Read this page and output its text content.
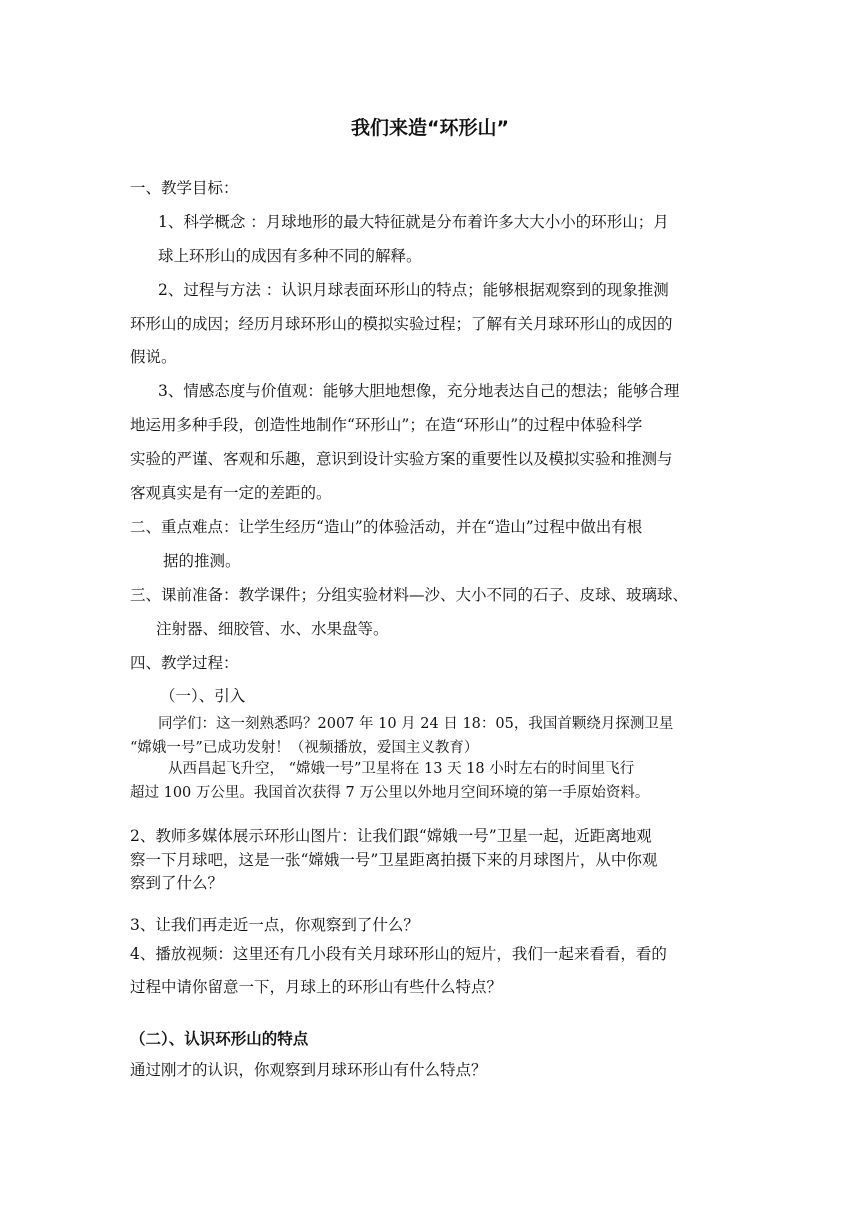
我们来造“环形山”

一、教学目标：

1、科学概念 ：月球地形的最大特征就是分布着许多大大小小的环形山；月

球上环形山的成因有多种不同的解释。

2、过程与方法 ：认识月球表面环形山的特点；能够根据观察到的现象推测

环形山的成因；经历月球环形山的模拟实验过程；了解有关月球环形山的成因的

假说。

3、情感态度与价值观：能够大胆地想像，充分地表达自己的想法；能够合理

地运用多种手段，创造性地制作“环形山”；在造“环形山”的过程中体验科学

实验的严谨、客观和乐趣，意识到设计实验方案的重要性以及模拟实验和推测与

客观真实是有一定的差距的。

二、重点难点：让学生经历“造山”的体验活动，并在“造山”过程中做出有根

据的推测。

三、课前准备：教学课件；分组实验材料—沙、大小不同的石子、皮球、玻璃球、

注射器、细胶管、水、水果盘等。

四、教学过程：

（一）、引入

同学们：这一刻熟悉吗？2007 年 10 月 24 日 18：05，我国首颗绕月探测卫星

“嫦娥一号”已成功发射！（视频播放，爱国主义教育）

从西昌起飞升空， “嫦娥一号”卫星将在 13 天 18 小时左右的时间里飞行

超过 100 万公里。我国首次获得 7 万公里以外地月空间环境的第一手原始资料。

2、教师多媒体展示环形山图片：让我们跟“嫦娥一号”卫星一起，近距离地观

察一下月球吧，这是一张“嫦娥一号”卫星距离拍摄下来的月球图片，从中你观

察到了什么？

3、让我们再走近一点，你观察到了什么？

4、播放视频：这里还有几小段有关月球环形山的短片，我们一起来看看，看的

过程中请你留意一下，月球上的环形山有些什么特点？

（二）、认识环形山的特点

通过刚才的认识，你观察到月球环形山有什么特点？
